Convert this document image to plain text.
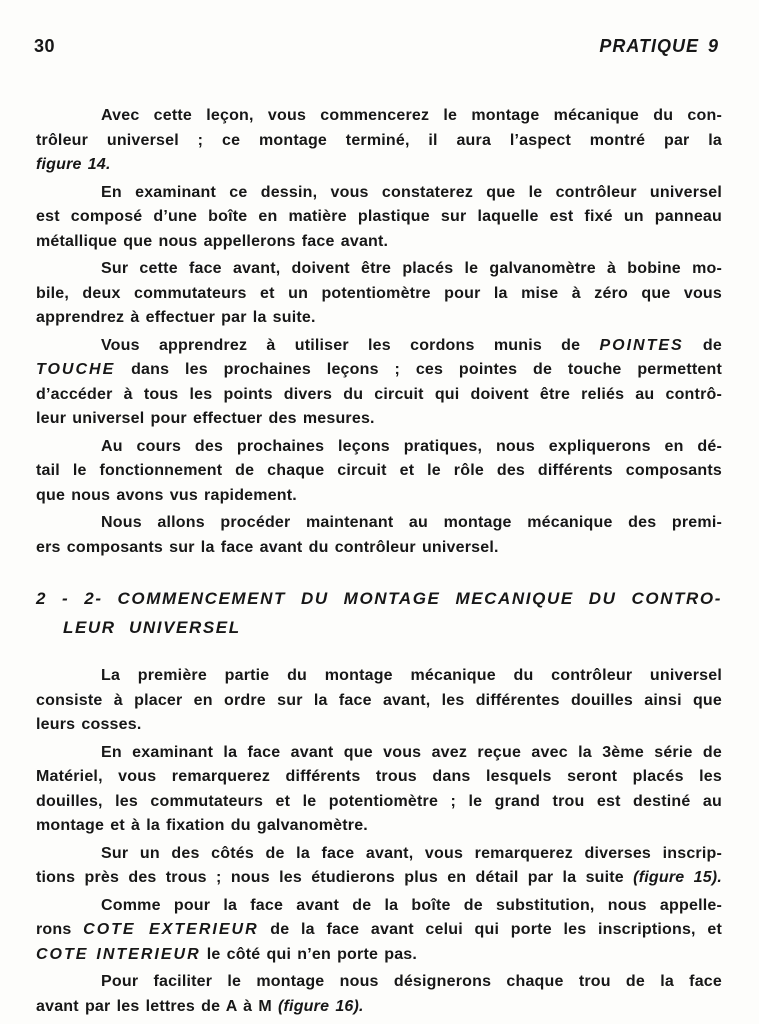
30	PRATIQUE 9
Avec cette leçon, vous commencerez le montage mécanique du con-
trôleur universel ; ce montage terminé, il aura l’aspect montré par la
figure 14.
En examinant ce dessin, vous constaterez que le contrôleur universel
est composé d’une boîte en matière plastique sur laquelle est fixé un panneau
métallique que nous appellerons face avant.
Sur cette face avant, doivent être placés le galvanomètre à bobine mo-
bile, deux commutateurs et un potentiomètre pour la mise à zéro que vous
apprendrez à effectuer par la suite.
Vous apprendrez à utiliser les cordons munis de POINTES de
TOUCHE dans les prochaines leçons ; ces pointes de touche permettent
d’accéder à tous les points divers du circuit qui doivent être reliés au contrô-
leur universel pour effectuer des mesures.
Au cours des prochaines leçons pratiques, nous expliquerons en dé-
tail le fonctionnement de chaque circuit et le rôle des différents composants
que nous avons vus rapidement.
Nous allons procéder maintenant au montage mécanique des premi-
ers composants sur la face avant du contrôleur universel.
2 - 2- COMMENCEMENT DU MONTAGE MECANIQUE DU CONTRO-
LEUR UNIVERSEL
La première partie du montage mécanique du contrôleur universel
consiste à placer en ordre sur la face avant, les différentes douilles ainsi que
leurs cosses.
En examinant la face avant que vous avez reçue avec la 3ème série de
Matériel, vous remarquerez différents trous dans lesquels seront placés les
douilles, les commutateurs et le potentiomètre ; le grand trou est destiné au
montage et à la fixation du galvanomètre.
Sur un des côtés de la face avant, vous remarquerez diverses inscrip-
tions près des trous ; nous les étudierons plus en détail par la suite (figure 15).
Comme pour la face avant de la boîte de substitution, nous appelle-
rons COTE EXTERIEUR de la face avant celui qui porte les inscriptions, et
COTE INTERIEUR le côté qui n’en porte pas.
Pour faciliter le montage nous désignerons chaque trou de la face
avant par les lettres de A à M (figure 16).
